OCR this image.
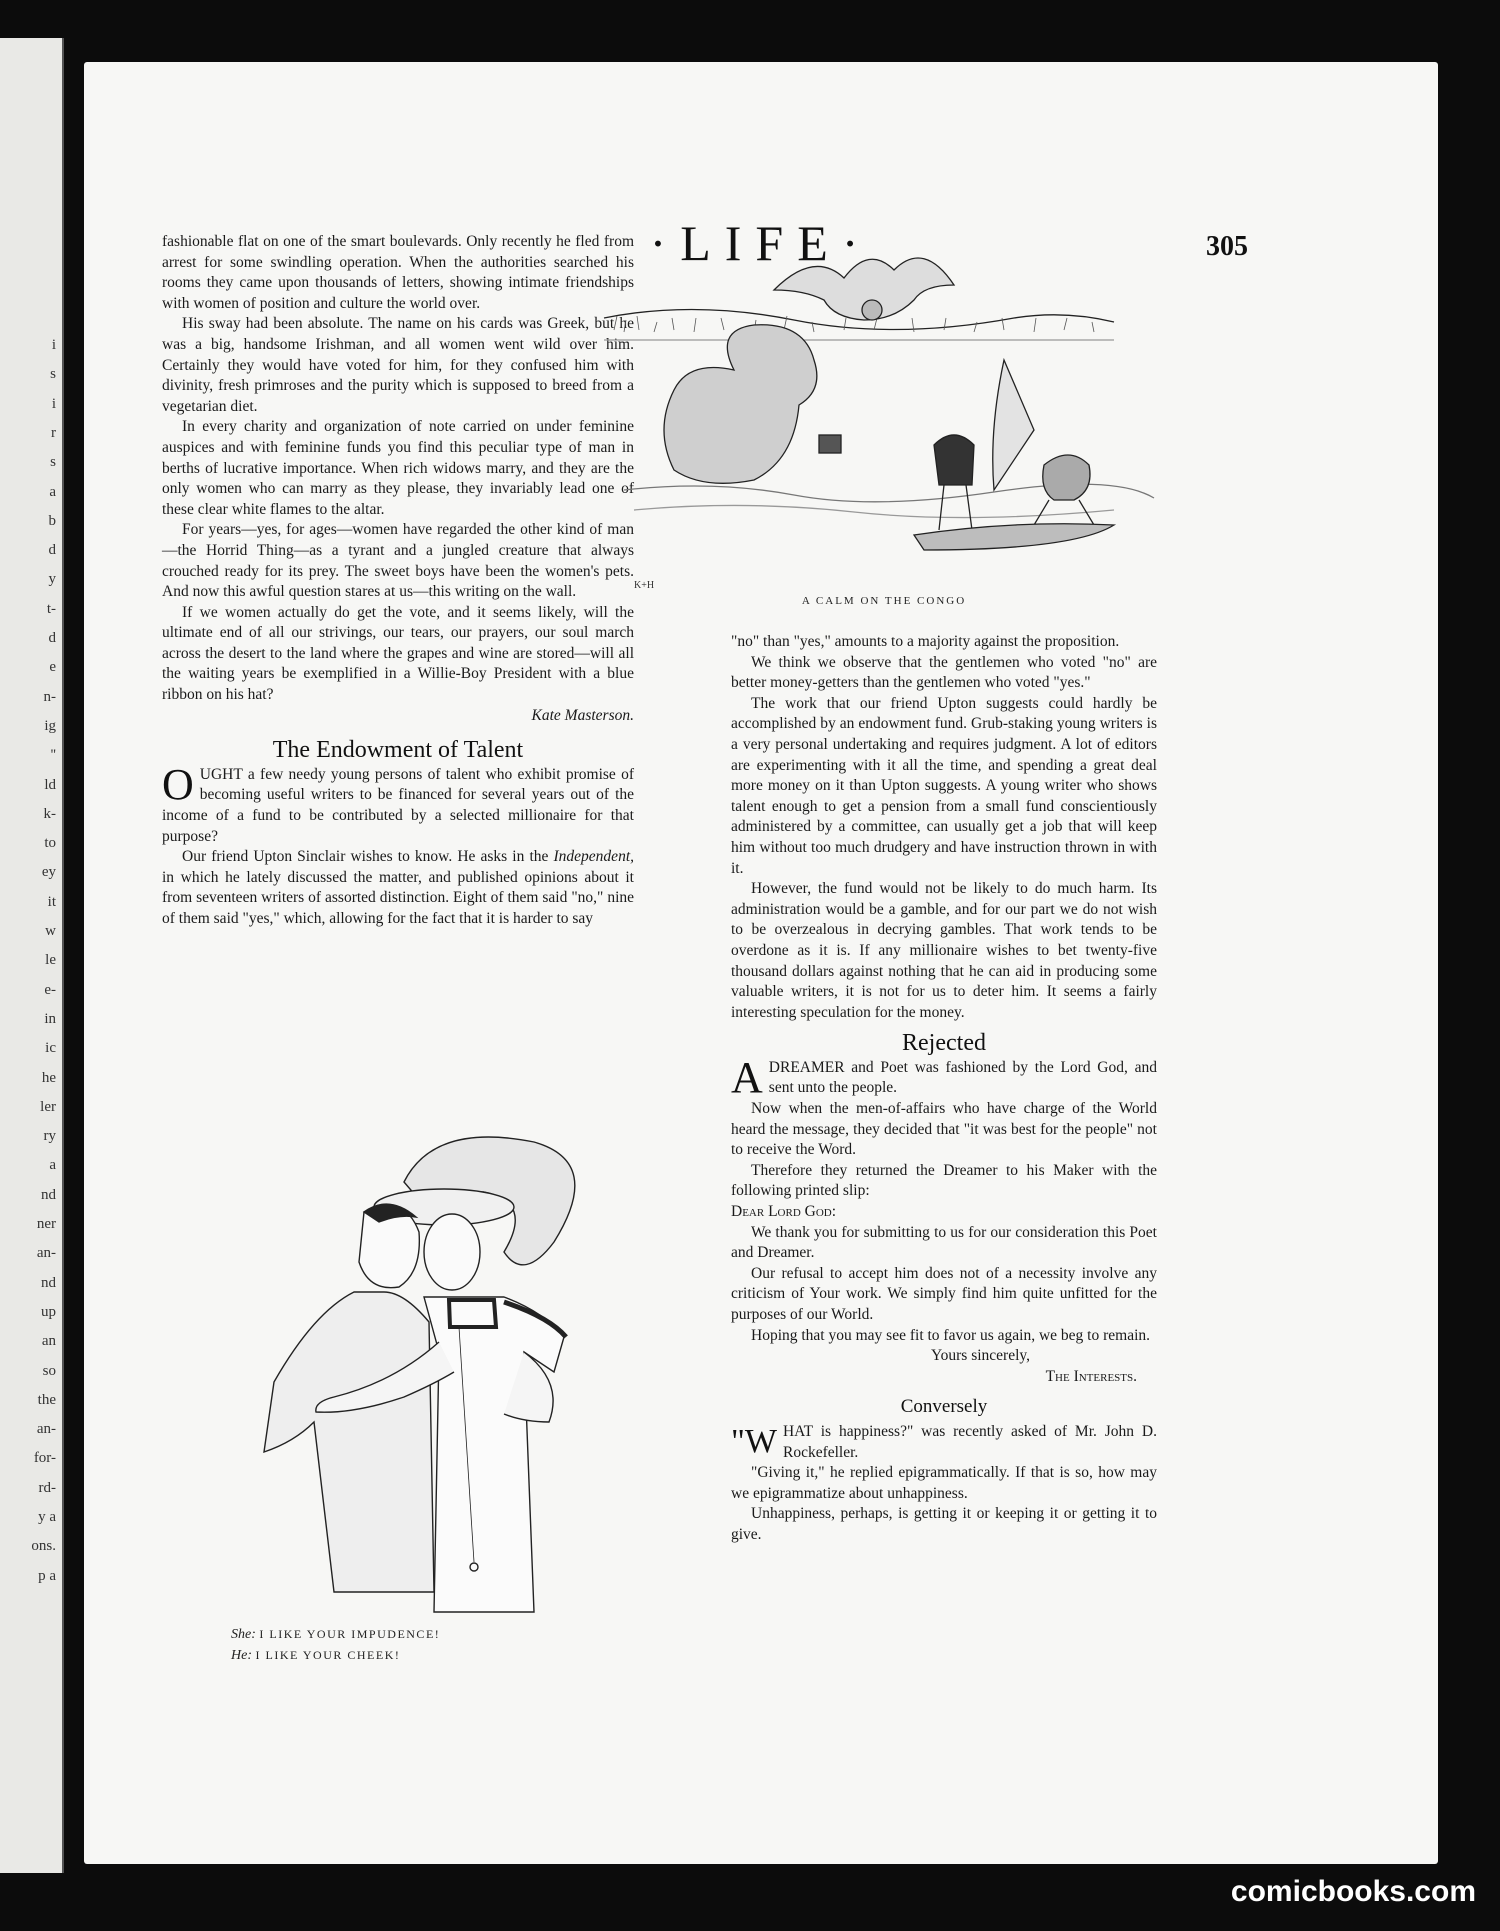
i
s
i
r
s
a
b
d
y
t-
d
e
n-
ig
''
ld
k-
to
ey
it
w
le
e-
in
ic
he
ler
ry
a
nd
ner
an-
nd
up
an
so
the
an-
for-
rd-
y a
ons.
p a
·LIFE·	305

fashionable flat on one of the smart boulevards. Only recently he fled from arrest for some swindling operation. When the authorities searched his rooms they came upon thousands of letters, showing intimate friendships with women of position and culture the world over.

His sway had been absolute. The name on his cards was Greek, but he was a big, handsome Irishman, and all women went wild over him. Certainly they would have voted for him, for they confused him with divinity, fresh primroses and the purity which is supposed to breed from a vegetarian diet.

In every charity and organization of note carried on under feminine auspices and with feminine funds you find this peculiar type of man in berths of lucrative importance. When rich widows marry, and they are the only women who can marry as they please, they invariably lead one of these clear white flames to the altar.

For years—yes, for ages—women have regarded the other kind of man—the Horrid Thing—as a tyrant and a jungled creature that always crouched ready for its prey. The sweet boys have been the women's pets. And now this awful question stares at us—this writing on the wall.

If we women actually do get the vote, and it seems likely, will the ultimate end of all our strivings, our tears, our prayers, our soul march across the desert to the land where the grapes and wine are stored—will all the waiting years be exemplified in a Willie-Boy President with a blue ribbon on his hat?

Kate Masterson.
The Endowment of Talent

OUGHT a few needy young persons of talent who exhibit promise of becoming useful writers to be financed for several years out of the income of a fund to be contributed by a selected millionaire for that purpose?

Our friend Upton Sinclair wishes to know. He asks in the Independent, in which he lately discussed the matter, and published opinions about it from seventeen writers of assorted distinction. Eight of them said "no," nine of them said "yes," which, allowing for the fact that it is harder to say

K+H
A CALM ON THE CONGO

"no" than "yes," amounts to a majority against the proposition.

We think we observe that the gentlemen who voted "no" are better money-getters than the gentlemen who voted "yes."

The work that our friend Upton suggests could hardly be accomplished by an endowment fund. Grub-staking young writers is a very personal undertaking and requires judgment. A lot of editors are experimenting with it all the time, and spending a great deal more money on it than Upton suggests. A young writer who shows talent enough to get a pension from a small fund conscientiously administered by a committee, can usually get a job that will keep him without too much drudgery and have instruction thrown in with it.

However, the fund would not be likely to do much harm. Its administration would be a gamble, and for our part we do not wish to be overzealous in decrying gambles. That work tends to be overdone as it is. If any millionaire wishes to bet twenty-five thousand dollars against nothing that he can aid in producing some valuable writers, it is not for us to deter him. It seems a fairly interesting speculation for the money.

Rejected

ADREAMER and Poet was fashioned by the Lord God, and sent unto the people.

Now when the men-of-affairs who have charge of the World heard the message, they decided that "it was best for the people" not to receive the Word.

Therefore they returned the Dreamer to his Maker with the following printed slip:

Dear Lord God:

We thank you for submitting to us for our consideration this Poet and Dreamer.

Our refusal to accept him does not of a necessity involve any criticism of Your work. We simply find him quite unfitted for the purposes of our World.

Hoping that you may see fit to favor us again, we beg to remain.

Yours sincerely,

The Interests.

Conversely

"WHAT is happiness?" was recently asked of Mr. John D. Rockefeller.

"Giving it," he replied epigrammatically. If that is so, how may we epigrammatize about unhappiness.

Unhappiness, perhaps, is getting it or keeping it or getting it to give.

She: I LIKE YOUR IMPUDENCE!
He: I LIKE YOUR CHEEK!
comicbooks.com
